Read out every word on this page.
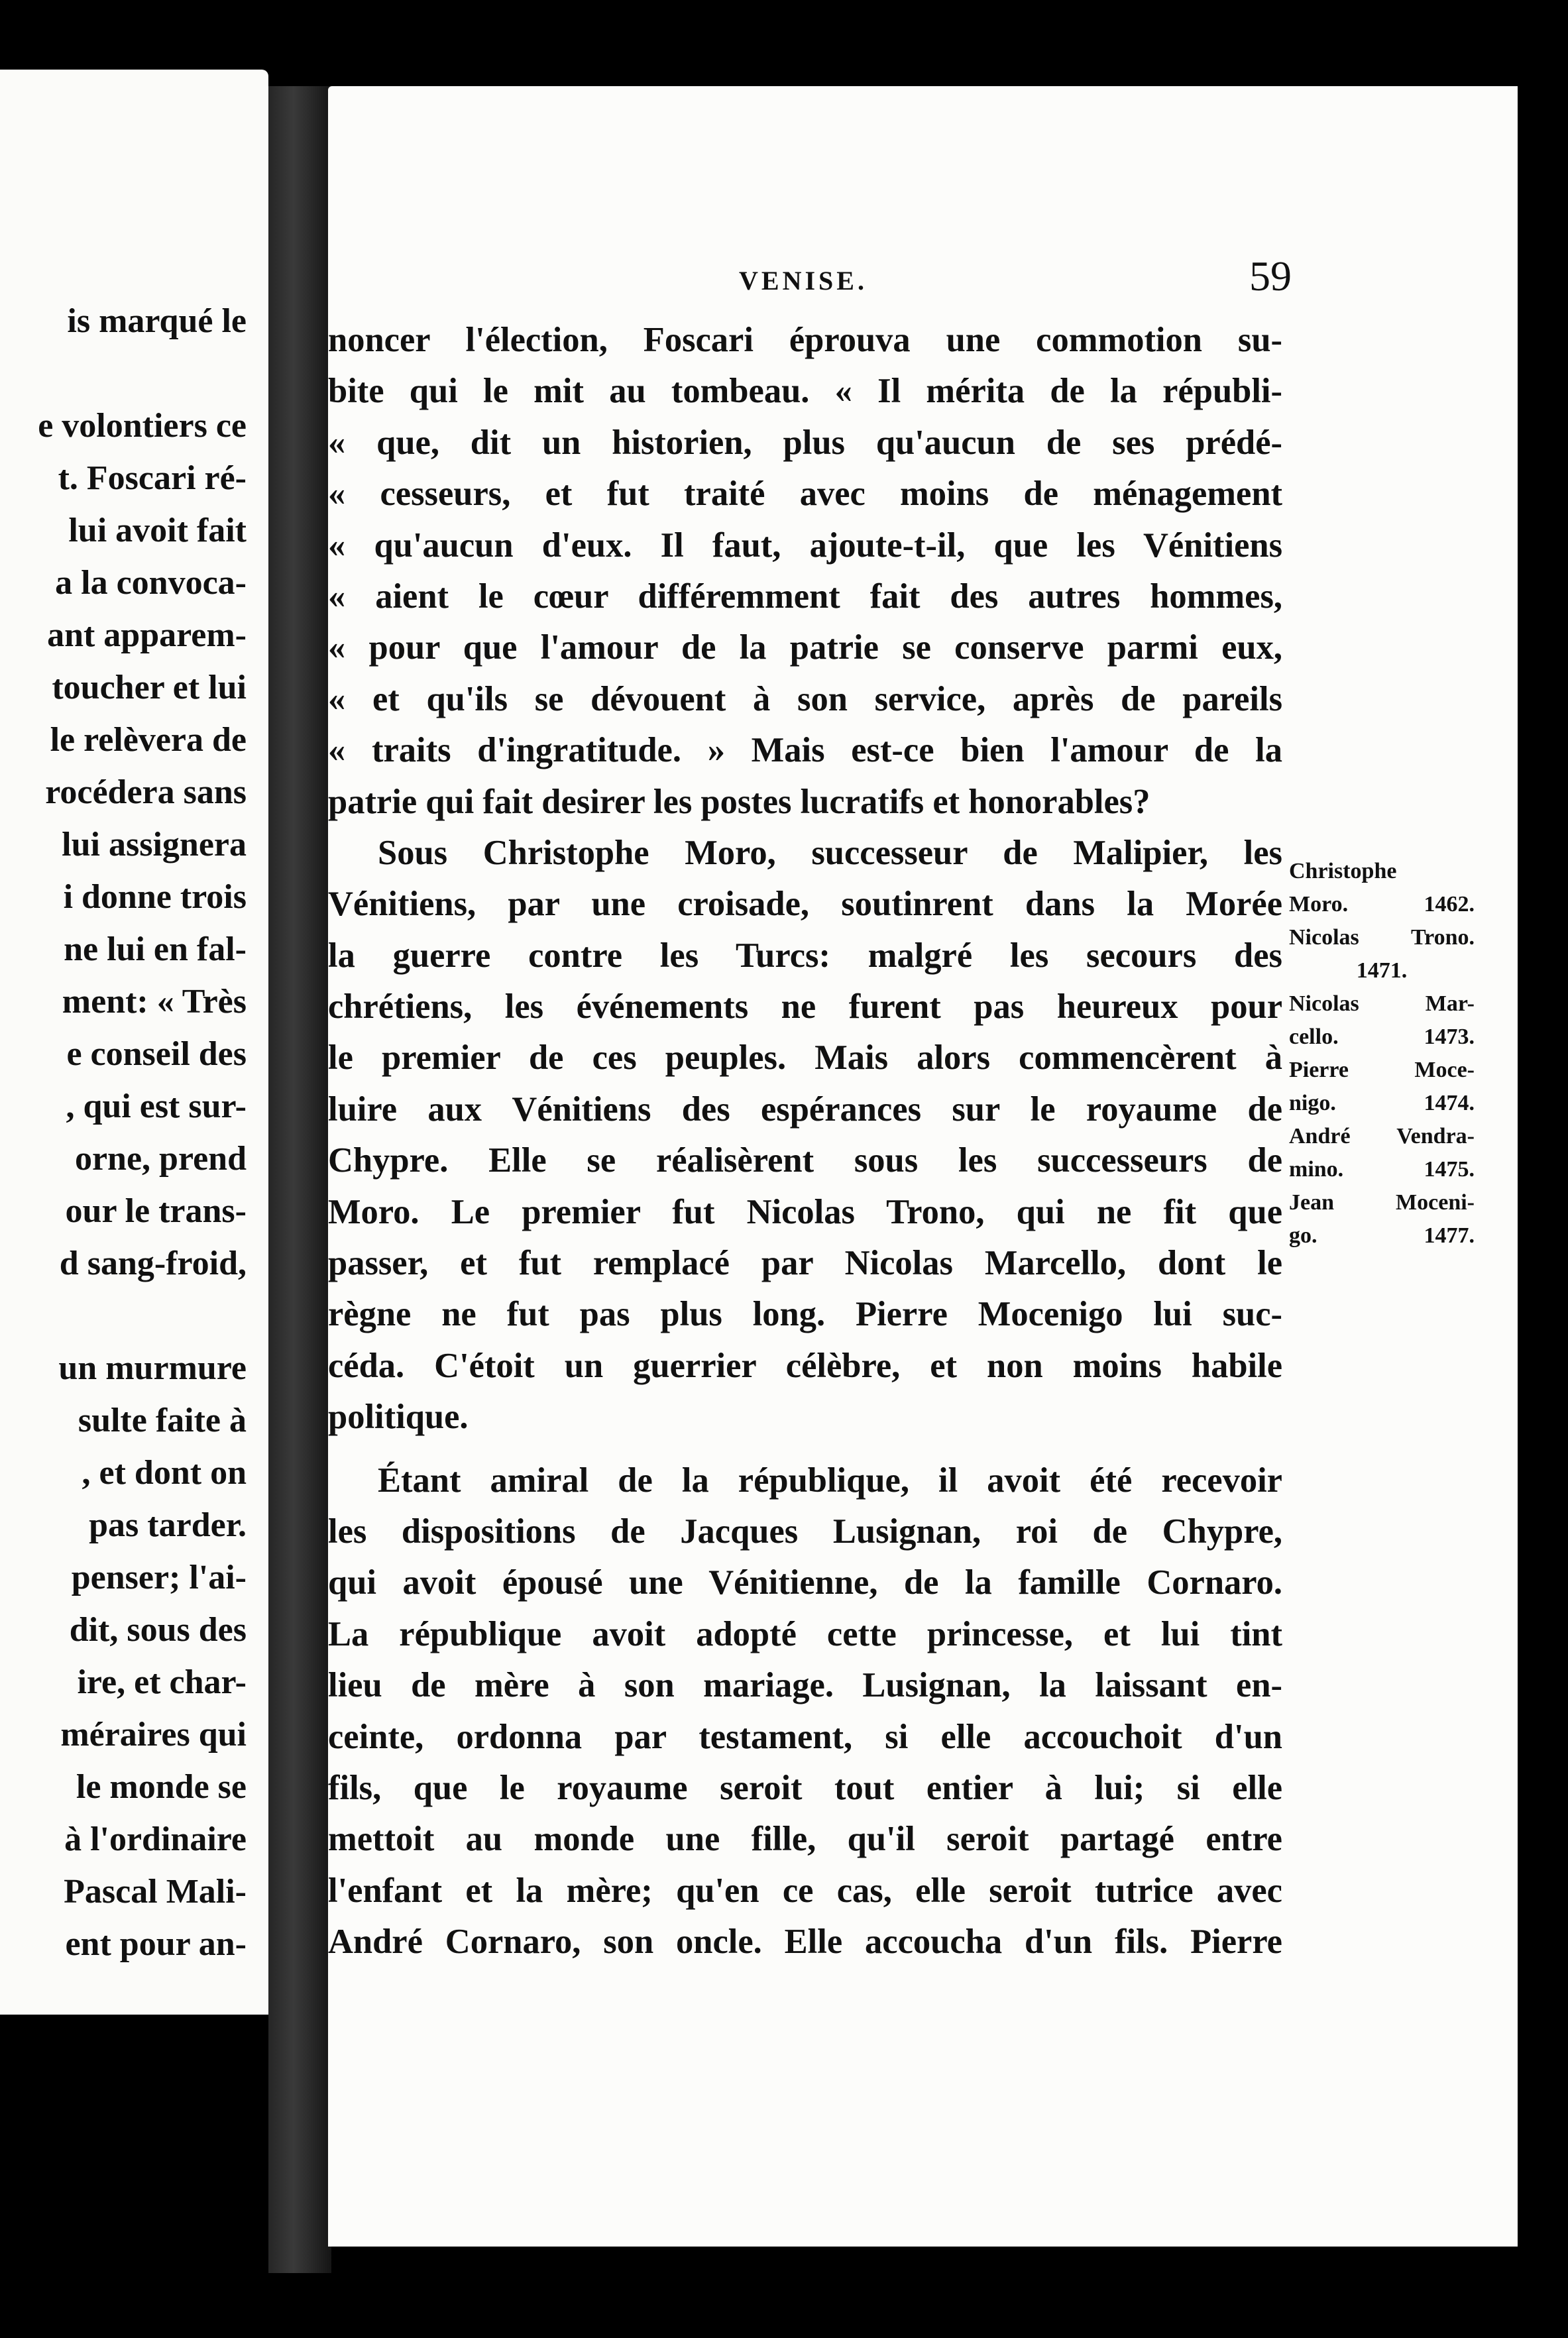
is marqué le
e volontiers ce
t. Foscari ré-
lui avoit fait
a la convoca-
ant apparem-
toucher et lui
le relèvera de
rocédera sans
lui assignera
i donne trois
ne lui en fal-
ment: « Très
e conseil des
, qui est sur-
orne, prend
our le trans-
d sang-froid,
un murmure
sulte faite à
, et dont on
pas tarder.
penser; l'ai-
dit, sous des
ire, et char-
méraires qui
le monde se
à l'ordinaire
Pascal Mali-
ent pour an-
VENISE.	59
noncer l'élection, Foscari éprouva une commotion su-
bite qui le mit au tombeau. « Il mérita de la républi-
« que, dit un historien, plus qu'aucun de ses prédé-
« cesseurs, et fut traité avec moins de ménagement
« qu'aucun d'eux. Il faut, ajoute-t-il, que les Vénitiens
« aient le cœur différemment fait des autres hommes,
« pour que l'amour de la patrie se conserve parmi eux,
« et qu'ils se dévouent à son service, après de pareils
« traits d'ingratitude. » Mais est-ce bien l'amour de la
patrie qui fait desirer les postes lucratifs et honorables?
Sous Christophe Moro, successeur de Malipier, les
Vénitiens, par une croisade, soutinrent dans la Morée
la guerre contre les Turcs: malgré les secours des
chrétiens, les événements ne furent pas heureux pour
le premier de ces peuples. Mais alors commencèrent à
luire aux Vénitiens des espérances sur le royaume de
Chypre. Elle se réalisèrent sous les successeurs de
Moro. Le premier fut Nicolas Trono, qui ne fit que
passer, et fut remplacé par Nicolas Marcello, dont le
règne ne fut pas plus long. Pierre Mocenigo lui suc-
céda. C'étoit un guerrier célèbre, et non moins habile
politique.
Étant amiral de la république, il avoit été recevoir
les dispositions de Jacques Lusignan, roi de Chypre,
qui avoit épousé une Vénitienne, de la famille Cornaro.
La république avoit adopté cette princesse, et lui tint
lieu de mère à son mariage. Lusignan, la laissant en-
ceinte, ordonna par testament, si elle accouchoit d'un
fils, que le royaume seroit tout entier à lui; si elle
mettoit au monde une fille, qu'il seroit partagé entre
l'enfant et la mère; qu'en ce cas, elle seroit tutrice avec
André Cornaro, son oncle. Elle accoucha d'un fils. Pierre
Christophe
Moro. 1462.
Nicolas Trono.
1471.
Nicolas Mar-
cello. 1473.
Pierre Moce-
nigo. 1474.
André Vendra-
mino. 1475.
Jean Moceni-
go. 1477.
